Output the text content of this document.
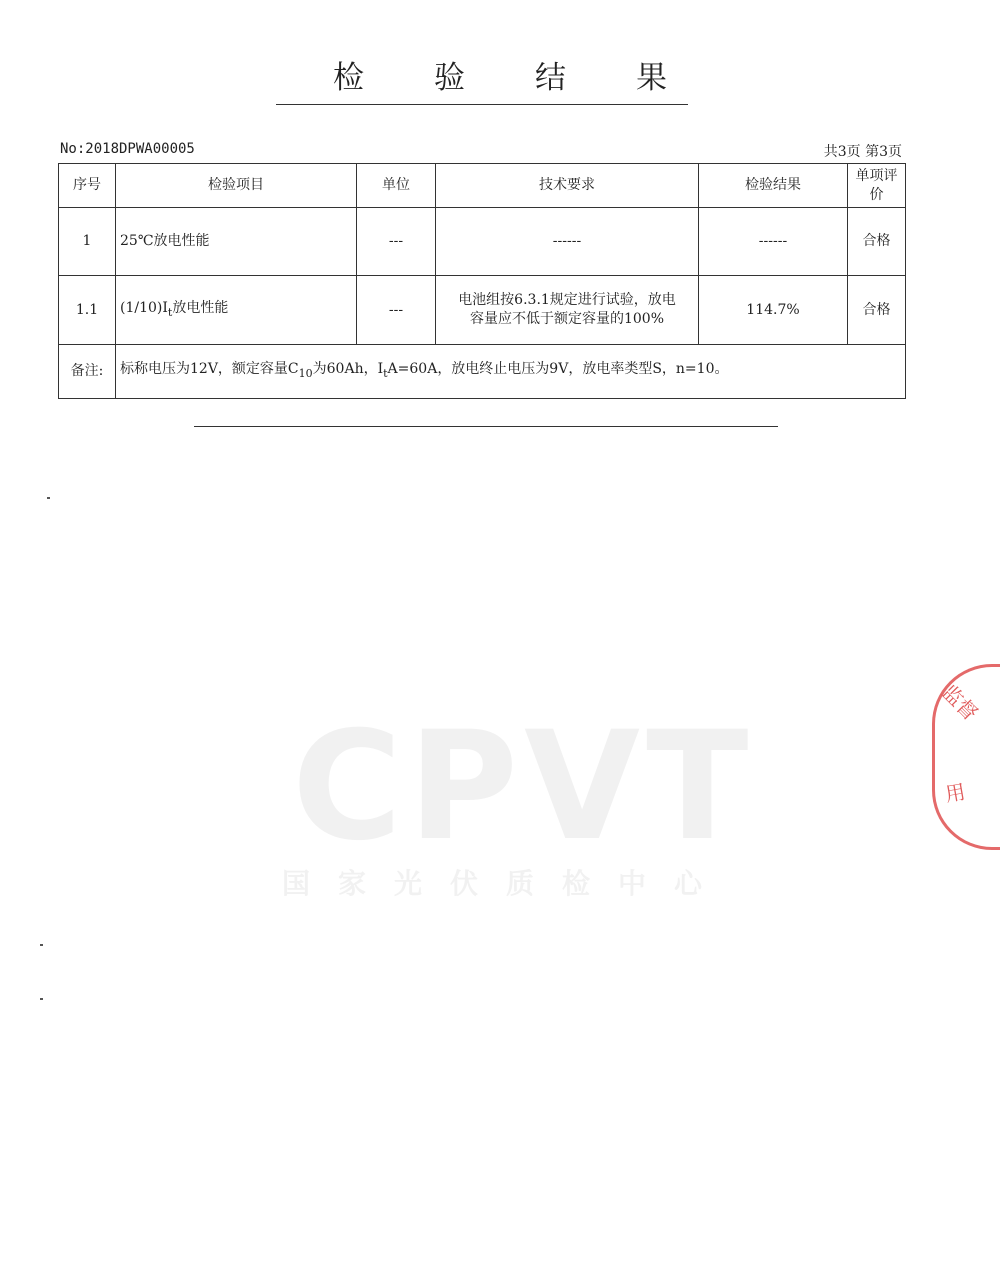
检 验 结 果
No:2018DPWA00005	共3页 第3页
序号	检验项目	单位	技术要求	检验结果	单项评
价
1	25℃放电性能	---	------	------	合格
1.1	$(1/10)I_t$放电性能	---	电池组按6.3.1规定进行试验，放电
容量应不低于额定容量的100%	114.7%	合格
备注:	标称电压为12V，额定容量$C_{10}$为60Ah，$I_tA=60A$，放电终止电压为9V，放电率类型S，n=10。				
CPVT
国家光伏质检中心
监督
用
